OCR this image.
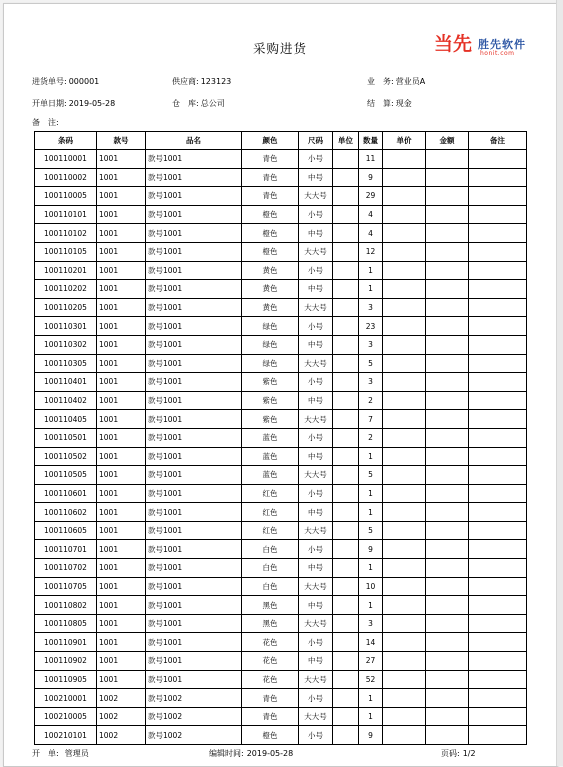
采购进货	当先 胜先软件
honit.com
进货单号: 000001	供应商: 123123	业　务: 营业员A
开单日期: 2019-05-28	仓　库: 总公司	结　算: 现金
备　注:
条码	款号	品名	颜色	尺码	单位	数量	单价	金额	备注
100110001	1001	款号1001	青色	小号		11			
100110002	1001	款号1001	青色	中号		9			
100110005	1001	款号1001	青色	大大号		29			
100110101	1001	款号1001	橙色	小号		4			
100110102	1001	款号1001	橙色	中号		4			
100110105	1001	款号1001	橙色	大大号		12			
100110201	1001	款号1001	黄色	小号		1			
100110202	1001	款号1001	黄色	中号		1			
100110205	1001	款号1001	黄色	大大号		3			
100110301	1001	款号1001	绿色	小号		23			
100110302	1001	款号1001	绿色	中号		3			
100110305	1001	款号1001	绿色	大大号		5			
100110401	1001	款号1001	紫色	小号		3			
100110402	1001	款号1001	紫色	中号		2			
100110405	1001	款号1001	紫色	大大号		7			
100110501	1001	款号1001	蓝色	小号		2			
100110502	1001	款号1001	蓝色	中号		1			
100110505	1001	款号1001	蓝色	大大号		5			
100110601	1001	款号1001	红色	小号		1			
100110602	1001	款号1001	红色	中号		1			
100110605	1001	款号1001	红色	大大号		5			
100110701	1001	款号1001	白色	小号		9			
100110702	1001	款号1001	白色	中号		1			
100110705	1001	款号1001	白色	大大号		10			
100110802	1001	款号1001	黑色	中号		1			
100110805	1001	款号1001	黑色	大大号		3			
100110901	1001	款号1001	花色	小号		14			
100110902	1001	款号1001	花色	中号		27			
100110905	1001	款号1001	花色	大大号		52			
100210001	1002	款号1002	青色	小号		1			
100210005	1002	款号1002	青色	大大号		1			
100210101	1002	款号1002	橙色	小号		9			
开　单: 管理员	编辑时间: 2019-05-28	页码: 1/2
